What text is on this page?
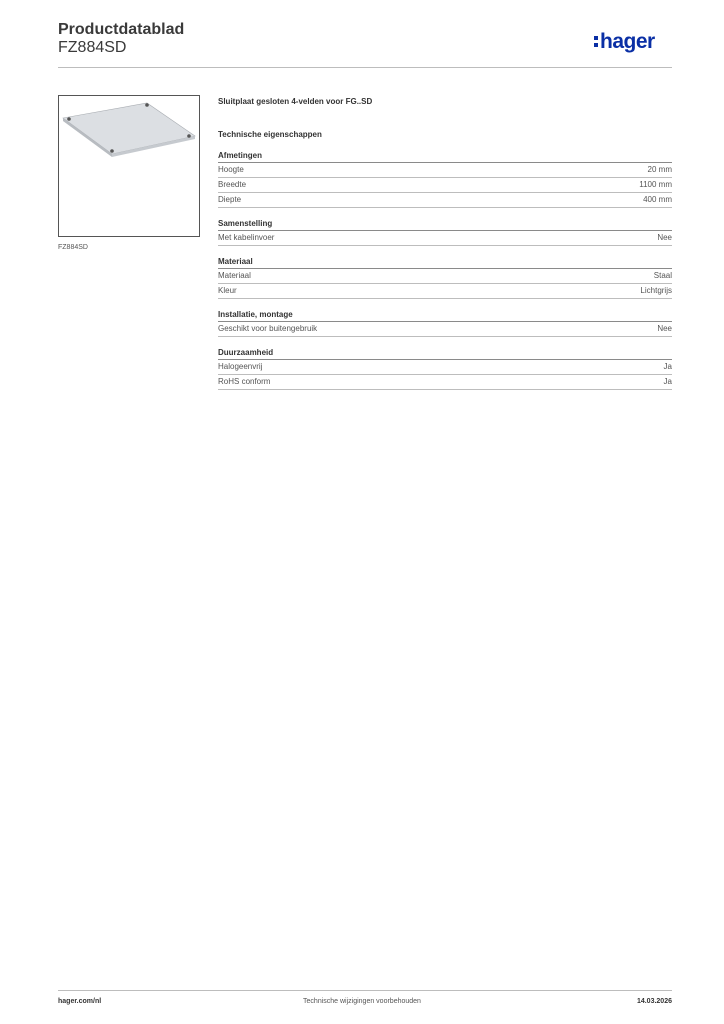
Productdatablad
FZ884SD	hager
FZ884SD
Sluitplaat gesloten 4-velden voor FG..SD
Technische eigenschappen
Afmetingen
Hoogte	20 mm
Breedte	1100 mm
Diepte	400 mm
Samenstelling
Met kabelinvoer	Nee
Materiaal
Materiaal	Staal
Kleur	Lichtgrijs
Installatie, montage
Geschikt voor buitengebruik	Nee
Duurzaamheid
Halogeenvrij	Ja
RoHS conform	Ja
hager.com/nl	Technische wijzigingen voorbehouden	14.03.2026
